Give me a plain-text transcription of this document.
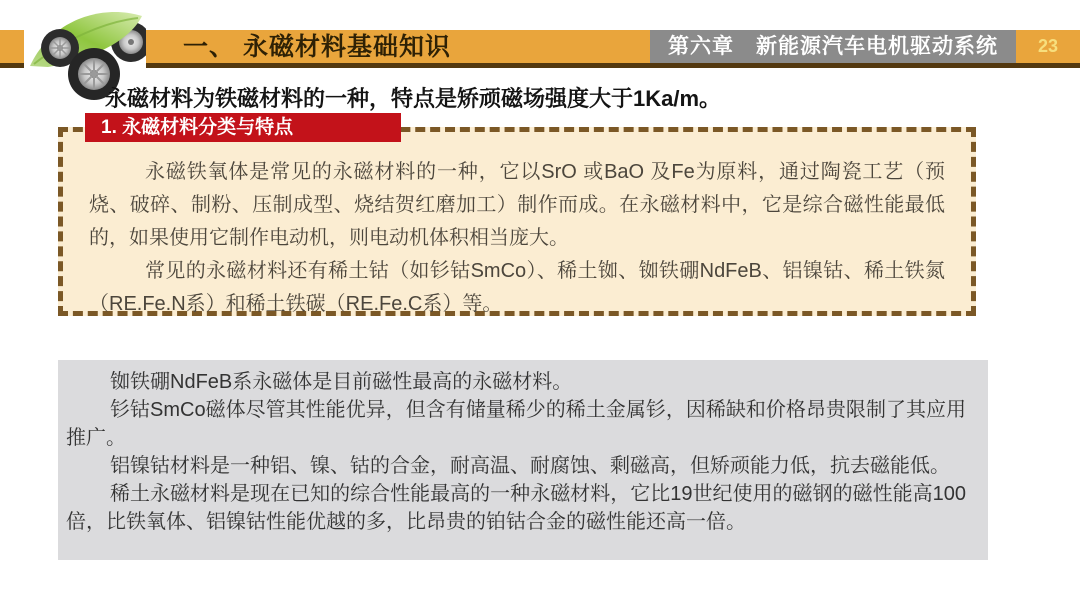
一、 永磁材料基础知识	第六章　新能源汽车电机驱动系统	23
永磁材料为铁磁材料的一种，特点是矫顽磁场强度大于1Ka/m。
1. 永磁材料分类与特点

永磁铁氧体是常见的永磁材料的一种，它以SrO 或BaO 及Fe为原料，通过陶瓷工艺（预烧、破碎、制粉、压制成型、烧结贺红磨加工）制作而成。在永磁材料中，它是综合磁性能最低的，如果使用它制作电动机，则电动机体积相当庞大。

常见的永磁材料还有稀土钴（如钐钴SmCo）、稀土铷、铷铁硼NdFeB、铝镍钴、稀土铁氮（RE.Fe.N系）和稀土铁碳（RE.Fe.C系）等。

铷铁硼NdFeB系永磁体是目前磁性最高的永磁材料。

钐钴SmCo磁体尽管其性能优异，但含有储量稀少的稀土金属钐，因稀缺和价格昂贵限制了其应用推广。

铝镍钴材料是一种铝、镍、钴的合金，耐高温、耐腐蚀、剩磁高，但矫顽能力低，抗去磁能低。

稀土永磁材料是现在已知的综合性能最高的一种永磁材料，它比19世纪使用的磁钢的磁性能高100倍，比铁氧体、铝镍钴性能优越的多，比昂贵的铂钴合金的磁性能还高一倍。
